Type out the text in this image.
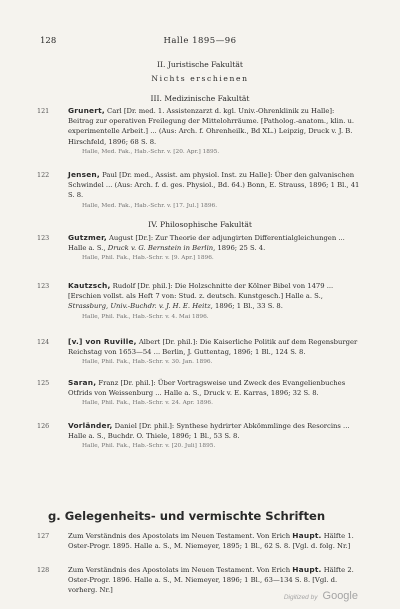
128	Halle 1895—96
II. Juristische Fakultät
Nichts erschienen
III. Medizinische Fakultät
121	Grunert, Carl [Dr. med. 1. Assistenzarzt d. kgl. Univ.-Ohrenklinik zu Halle]: Beitrag zur operativen Freilegung der Mittelohrräume. [Patholog.-anatom., klin. u. experimentelle Arbeit.] ... (Aus: Arch. f. Ohrenheilk., Bd XL.) Leipzig, Druck v. J. B. Hirschfeld, 1896; 68 S. 8.
Halle, Med. Fak., Hab.-Schr. v. [20. Apr.] 1895.
122	Jensen, Paul [Dr. med., Assist. am physiol. Inst. zu Halle]: Über den galvanischen Schwindel ... (Aus: Arch. f. d. ges. Physiol., Bd. 64.) Bonn, E. Strauss, 1896; 1 Bl., 41 S. 8.
Halle, Med. Fak., Hab.-Schr. v. [17. Jul.] 1896.
IV. Philosophische Fakultät
123	Gutzmer, August [Dr.]: Zur Theorie der adjungirten Differentialgleichungen ... Halle a. S., Druck v. G. Bernstein in Berlin, 1896; 25 S. 4.
Halle, Phil. Fak., Hab.-Schr. v. [9. Apr.] 1896.
123	Kautzsch, Rudolf [Dr. phil.]: Die Holzschnitte der Kölner Bibel von 1479 ... [Erschien vollst. als Heft 7 von: Stud. z. deutsch. Kunstgesch.] Halle a. S., Strassburg, Univ.-Buchdr. v. J. H. E. Heitz, 1896; 1 Bl., 33 S. 8.
Halle, Phil. Fak., Hab.-Schr. v. 4. Mai 1896.
124	[v.] von Ruville, Albert [Dr. phil.]: Die Kaiserliche Politik auf dem Regensburger Reichstag von 1653—54 ... Berlin, J. Guttentag, 1896; 1 Bl., 124 S. 8.
Halle, Phil. Fak., Hab.-Schr. v. 30. Jan. 1896.
125	Saran, Franz [Dr. phil.]: Über Vortragsweise und Zweck des Evangelienbuches Otfrids von Weissenburg ... Halle a. S., Druck v. E. Karras, 1896; 32 S. 8.
Halle, Phil. Fak., Hab.-Schr. v. 24. Apr. 1896.
126	Vorländer, Daniel [Dr. phil.]: Synthese hydrirter Abkömmlinge des Resorcins ... Halle a. S., Buchdr. O. Thiele, 1896; 1 Bl., 53 S. 8.
Halle, Phil. Fak., Hab.-Schr. v. [20. Juli] 1895.
g. Gelegenheits- und vermischte Schriften
127	Zum Verständnis des Apostolats im Neuen Testament. Von Erich Haupt. Hälfte 1. Oster-Progr. 1895. Halle a. S., M. Niemeyer, 1895; 1 Bl., 62 S. 8. [Vgl. d. folg. Nr.]
128	Zum Verständnis des Apostolats im Neuen Testament. Von Erich Haupt. Hälfte 2. Oster-Progr. 1896. Halle a. S., M. Niemeyer, 1896; 1 Bl., 63—134 S. 8. [Vgl. d. vorherg. Nr.]
Digitized by Google
